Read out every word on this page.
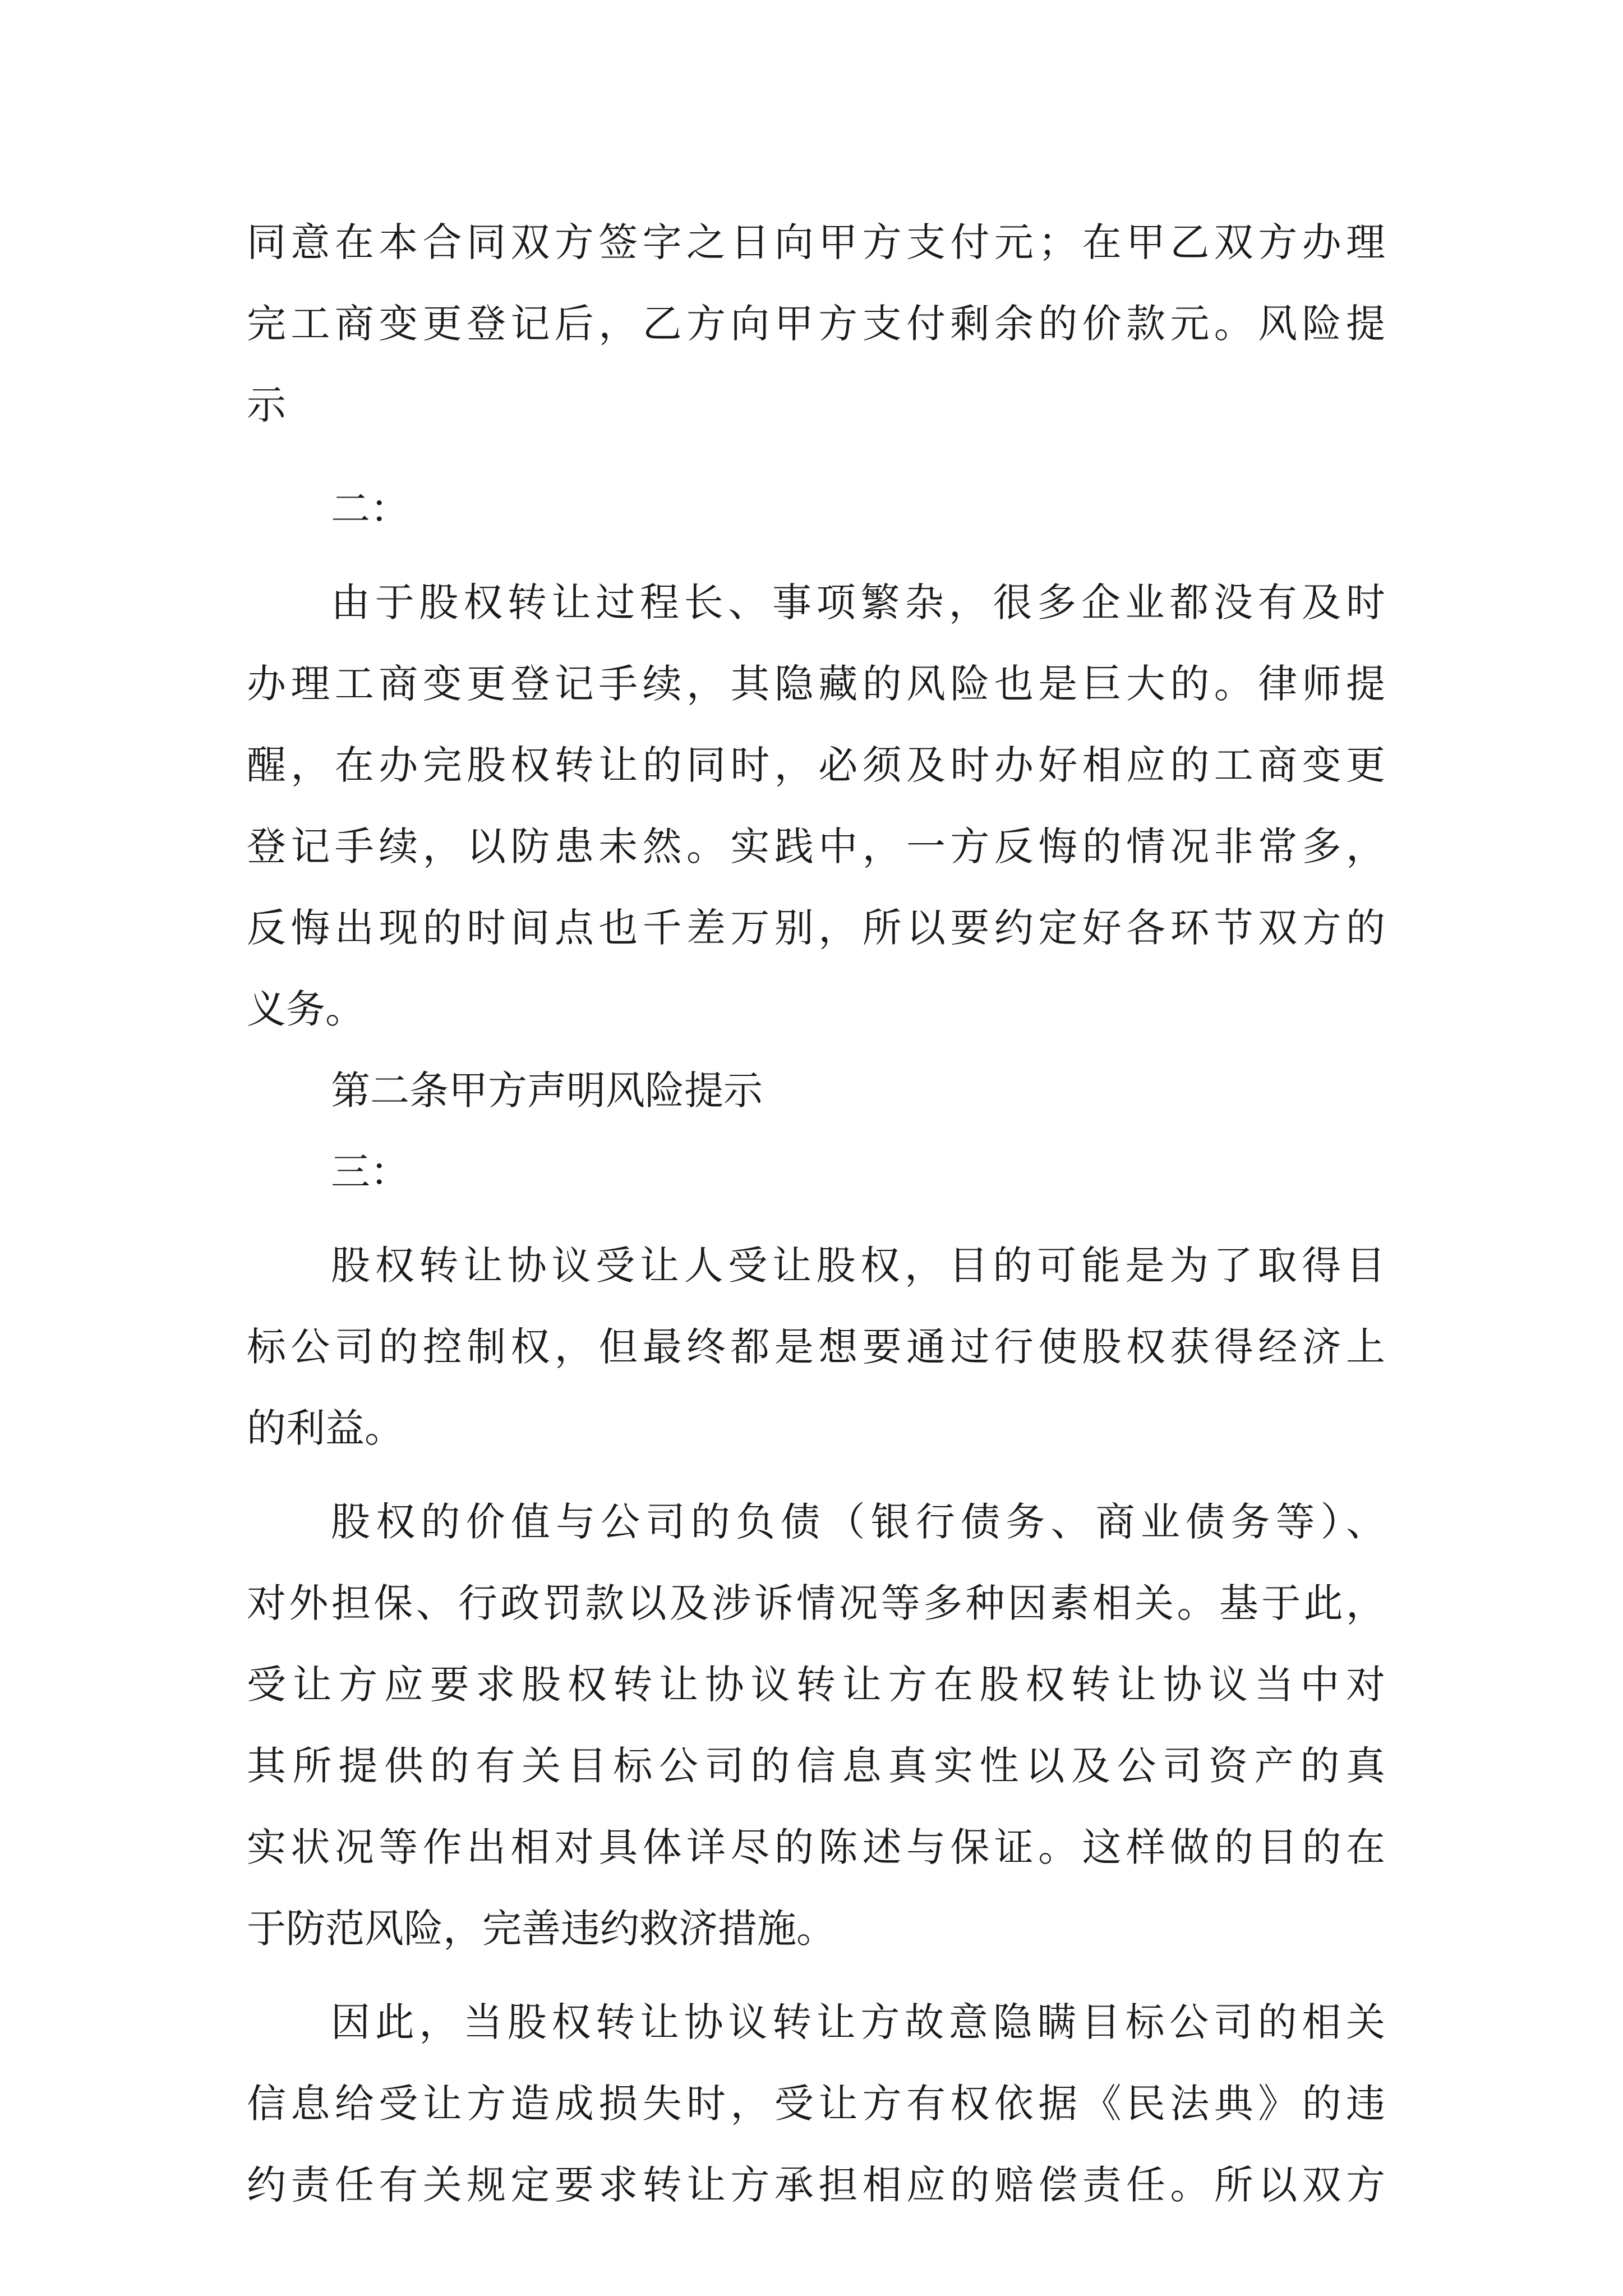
同意在本合同双方签字之日向甲方支付元；在甲乙双方办理
完工商变更登记后，乙方向甲方支付剩余的价款元。风险提
示
二：
由于股权转让过程长、事项繁杂，很多企业都没有及时
办理工商变更登记手续，其隐藏的风险也是巨大的。律师提
醒，在办完股权转让的同时，必须及时办好相应的工商变更
登记手续，以防患未然。实践中，一方反悔的情况非常多，
反悔出现的时间点也千差万别，所以要约定好各环节双方的
义务。
第二条甲方声明风险提示
三：
股权转让协议受让人受让股权，目的可能是为了取得目
标公司的控制权，但最终都是想要通过行使股权获得经济上
的利益。
股权的价值与公司的负债（银行债务、商业债务等）、
对外担保、行政罚款以及涉诉情况等多种因素相关。基于此，
受让方应要求股权转让协议转让方在股权转让协议当中对
其所提供的有关目标公司的信息真实性以及公司资产的真
实状况等作出相对具体详尽的陈述与保证。这样做的目的在
于防范风险，完善违约救济措施。
因此，当股权转让协议转让方故意隐瞒目标公司的相关
信息给受让方造成损失时，受让方有权依据《民法典》的违
约责任有关规定要求转让方承担相应的赔偿责任。所以双方
